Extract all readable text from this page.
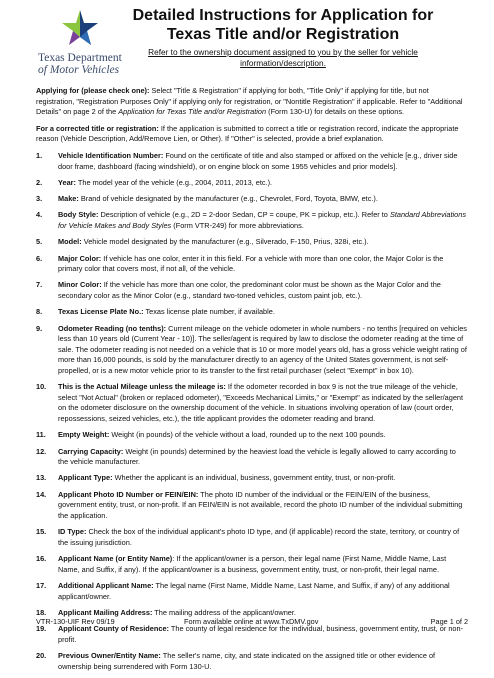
Texas Department
of Motor Vehicles
Detailed Instructions for Application for
Texas Title and/or Registration
Refer to the ownership document assigned to you by the seller for vehicle
information/description.

Applying for (please check one): Select "Title & Registration" if applying for both, "Title Only" if applying for title, but not registration, "Registration Purposes Only" if applying only for registration, or "Nontitle Registration" if applicable. Refer to "Additional Details" on page 2 of the Application for Texas Title and/or Registration (Form 130-U) for details on these options.

For a corrected title or registration: If the application is submitted to correct a title or registration record, indicate the appropriate reason (Vehicle Description, Add/Remove Lien, or Other). If "Other" is selected, provide a brief explanation.

1.	Vehicle Identification Number: Found on the certificate of title and also stamped or affixed on the vehicle [e.g., driver side door frame, dashboard (facing windshield), or on engine block on some 1955 vehicles and prior models].
2.	Year: The model year of the vehicle (e.g., 2004, 2011, 2013, etc.).
3.	Make: Brand of vehicle designated by the manufacturer (e.g., Chevrolet, Ford, Toyota, BMW, etc.).
4.	Body Style: Description of vehicle (e.g., 2D = 2-door Sedan, CP = coupe, PK = pickup, etc.). Refer to Standard Abbreviations for Vehicle Makes and Body Styles (Form VTR-249) for more abbreviations.
5.	Model: Vehicle model designated by the manufacturer (e.g., Silverado, F-150, Prius, 328i, etc.).
6.	Major Color: If vehicle has one color, enter it in this field. For a vehicle with more than one color, the Major Color is the primary color that covers most, if not all, of the vehicle.
7.	Minor Color: If the vehicle has more than one color, the predominant color must be shown as the Major Color and the secondary color as the Minor Color (e.g., standard two-toned vehicles, custom paint job, etc.).
8.	Texas License Plate No.: Texas license plate number, if available.
9.	Odometer Reading (no tenths): Current mileage on the vehicle odometer in whole numbers - no tenths [required on vehicles less than 10 years old (Current Year - 10)]. The seller/agent is required by law to disclose the odometer reading at the time of sale. The odometer reading is not needed on a vehicle that is 10 or more model years old, has a gross vehicle weight rating of more than 16,000 pounds, is sold by the manufacturer directly to an agency of the United States government, is not self-propelled, or is a new motor vehicle prior to its transfer to the first retail purchaser (select "Exempt" in box 10).
10.	This is the Actual Mileage unless the mileage is: If the odometer recorded in box 9 is not the true mileage of the vehicle, select "Not Actual" (broken or replaced odometer), "Exceeds Mechanical Limits," or "Exempt" as indicated by the seller/agent on the odometer disclosure on the ownership document of the vehicle. In situations involving operation of law (court order, repossessions, seized vehicles, etc.), the title applicant provides the odometer reading and brand.
11.	Empty Weight: Weight (in pounds) of the vehicle without a load, rounded up to the next 100 pounds.
12.	Carrying Capacity: Weight (in pounds) determined by the heaviest load the vehicle is legally allowed to carry according to the vehicle manufacturer.
13.	Applicant Type: Whether the applicant is an individual, business, government entity, trust, or non-profit.
14.	Applicant Photo ID Number or FEIN/EIN: The photo ID number of the individual or the FEIN/EIN of the business, government entity, trust, or non-profit. If an FEIN/EIN is not available, record the photo ID number of the individual submitting the application.
15.	ID Type: Check the box of the individual applicant's photo ID type, and (if applicable) record the state, territory, or country of the issuing jurisdiction.
16.	Applicant Name (or Entity Name): If the applicant/owner is a person, their legal name (First Name, Middle Name, Last Name, and Suffix, if any). If the applicant/owner is a business, government entity, trust, or non-profit, their legal name.
17.	Additional Applicant Name: The legal name (First Name, Middle Name, Last Name, and Suffix, if any) of any additional applicant/owner.
18.	Applicant Mailing Address: The mailing address of the applicant/owner.
19.	Applicant County of Residence: The county of legal residence for the individual, business, government entity, trust, or non-profit.
20.	Previous Owner/Entity Name: The seller's name, city, and state indicated on the assigned title or other evidence of ownership being surrendered with Form 130-U.
VTR-130-UIF Rev 09/19	Form available online at www.TxDMV.gov	Page 1 of 2
